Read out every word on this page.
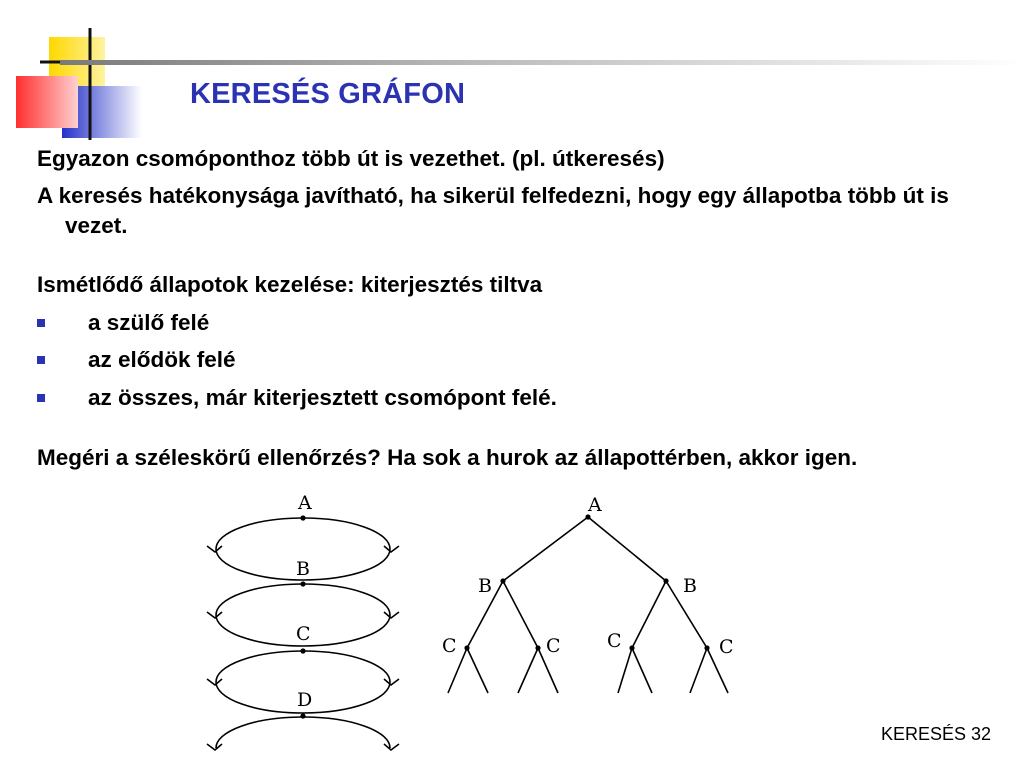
KERESÉS GRÁFON
Egyazon csomóponthoz több út is vezethet. (pl. útkeresés)
A keresés hatékonysága javítható, ha sikerül felfedezni, hogy egy állapotba több út is vezet.
Ismétlődő állapotok kezelése: kiterjesztés tiltva
a szülő felé
az elődök felé
az összes, már kiterjesztett csomópont felé.
Megéri a széleskörű ellenőrzés? Ha sok a hurok az állapottérben, akkor igen.
A
B
C
D
A
B	B
C	C C	C
KERESÉS 32
